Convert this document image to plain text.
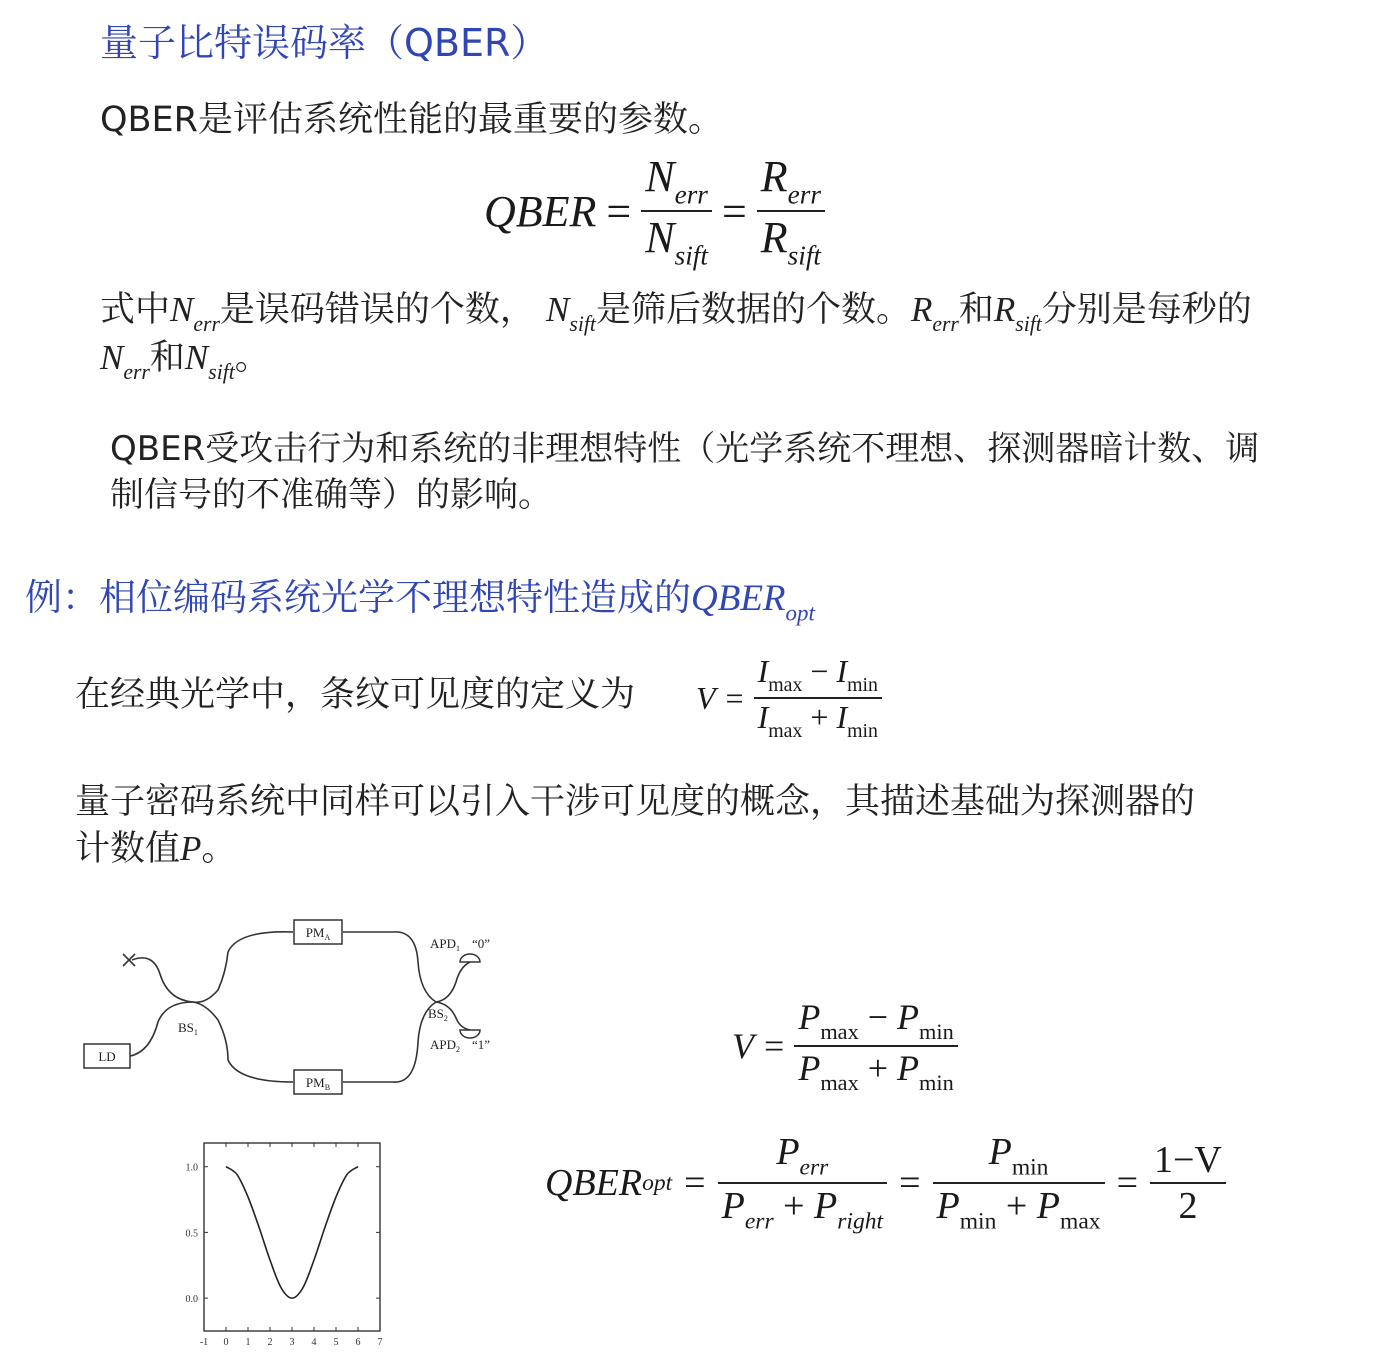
量子比特误码率（QBER）
QBER是评估系统性能的最重要的参数。
QBER = $\frac{N_{err}}{N_{sift}} = \frac{R_{err}}{R_{sift}}$
式中$N_{err}$是误码错误的个数， $N_{sift}$是筛后数据的个数。$R_{err}$和$R_{sift}$分别是每秒的
$N_{err}$和$N_{sift}$。
QBER受攻击行为和系统的非理想特性（光学系统不理想、探测器暗计数、调
制信号的不准确等）的影响。
例：相位编码系统光学不理想特性造成的$QBER_{opt}$
在经典光学中，条纹可见度的定义为 $V = \frac{I_{max} - I_{min}}{I_{max} + I_{min}}$
量子密码系统中同样可以引入干涉可见度的概念，其描述基础为探测器的
计数值P。
LD
$PM_A$
$PM_B$
$BS_1$
$BS_2$
$APD_1$ “0”
$APD_2$ “1”	$V = \frac{P_{max} - P_{min}}{P_{max} + P_{min}}$
QBER opt = $\frac{P_{err}}{P_{err} + P_{right}} = \frac{P_{min}}{P_{min} + P_{max}} = \frac{1-V}{2}$
-1 0 1 2 3 4 5 6 7
0.0
0.5
1.0
